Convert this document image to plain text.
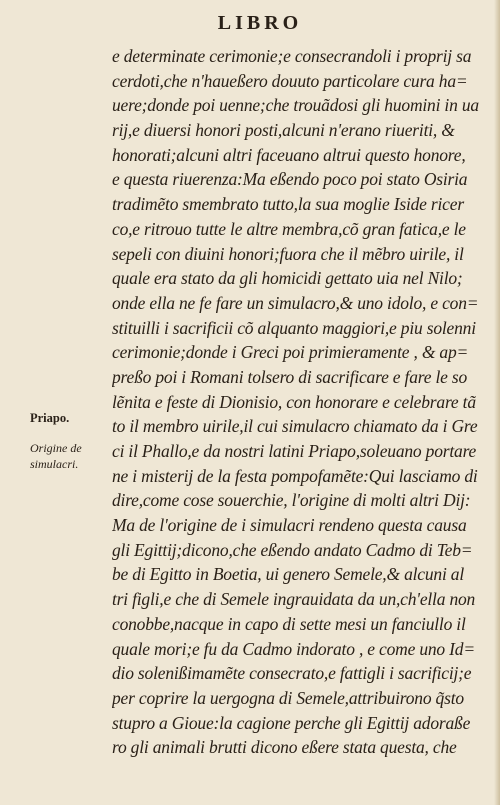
LIBRO
Priapo.
Origine de
simulacri.
e determinate cerimonie;e consecrandoli i proprij sa
cerdoti,che n'haueßero douuto particolare cura ha=
uere;donde poi uenne;che trouãdosi gli huomini in ua
rij,e diuersi honori posti,alcuni n'erano riueriti, &
honorati;alcuni altri faceuano altrui questo honore,
e questa riuerenza:Ma eßendo poco poi stato Osiria
tradimẽto smembrato tutto,la sua moglie Iside ricer
co,e ritrouo tutte le altre membra,cõ gran fatica,e le
sepeli con diuini honori;fuora che il mẽbro uirile, il
quale era stato da gli homicidi gettato uia nel Nilo;
onde ella ne fe fare un simulacro,& uno idolo, e con=
stituilli i sacrificii cõ alquanto maggiori,e piu solenni
cerimonie;donde i Greci poi primieramente , & ap=
preßo poi i Romani tolsero di sacrificare e fare le so
lẽnita e feste di Dionisio, con honorare e celebrare tã
to il membro uirile,il cui simulacro chiamato da i Gre
ci il Phallo,e da nostri latini Priapo,soleuano portare
ne i misterij de la festa pompofamẽte:Qui lasciamo di
dire,come cose souerchie, l'origine di molti altri Dij:
Ma de l'origine de i simulacri rendeno questa causa
gli Egittij;dicono,che eßendo andato Cadmo di Teb=
be di Egitto in Boetia, ui genero Semele,& alcuni al
tri figli,e che di Semele ingrauidata da un,ch'ella non
conobbe,nacque in capo di sette mesi un fanciullo il
quale mori;e fu da Cadmo indorato , e come uno Id=
dio solenißimamẽte consecrato,e fattigli i sacrificij;e
per coprire la uergogna di Semele,attribuirono q̃sto
stupro a Gioue:la cagione perche gli Egittij adoraße
ro gli animali brutti dicono eßere stata questa, che
